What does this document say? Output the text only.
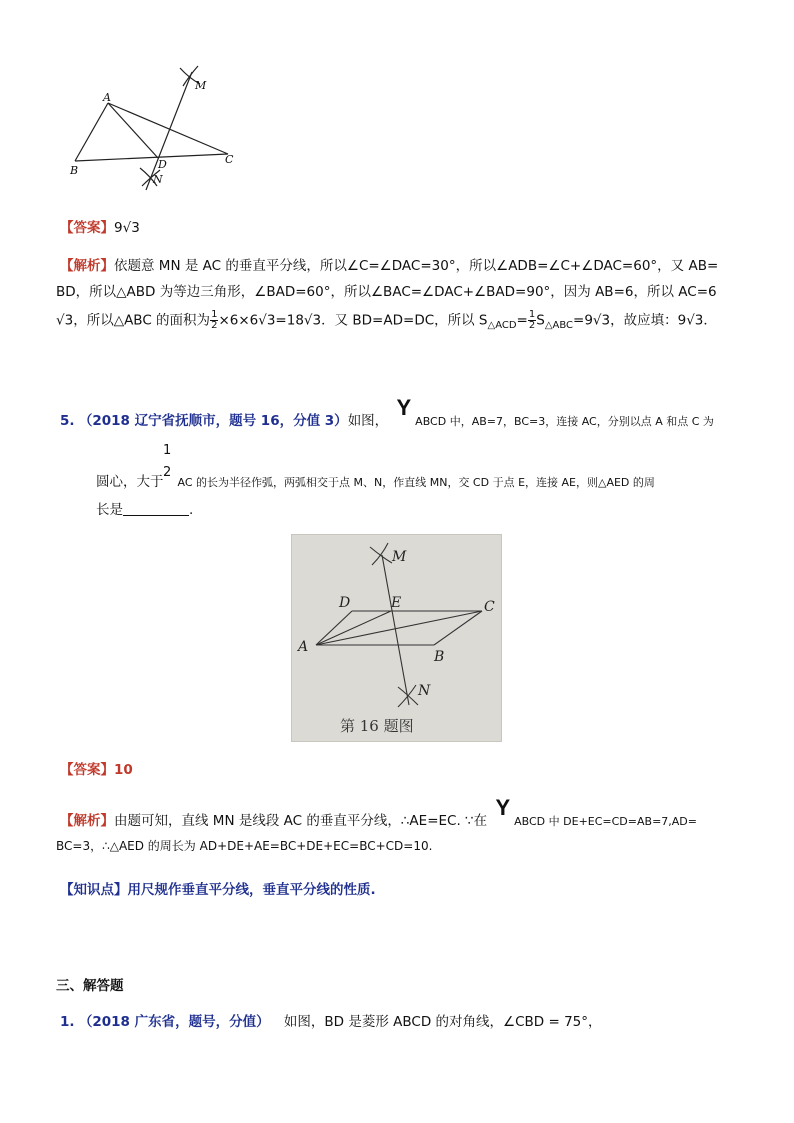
A
B
C
D
M
N
【答案】9√3
【解析】依题意 MN 是 AC 的垂直平分线，所以∠C=∠DAC=30°，所以∠ADB=∠C+∠DAC=60°，又 AB=
BD，所以△ABD 为等边三角形，∠BAD=60°，所以∠BAC=∠DAC+∠BAD=90°，因为 AB=6，所以 AC=6
√3，所以△ABC 的面积为 $\frac{1}{2} \times 6\times 6√3=18√3$．又 BD=AD=DC，所以 $S_{\triangle ACD}= \frac{1}{2} S_{\triangle ABC}=9√3$，故应填：9√3．
5. （2018 辽宁省抚顺市，题号 16，分值 3）如图， YABCD 中，AB=7，BC=3，连接 AC，分别以点 A 和点 C 为
1
2
圆心，大于 AC 的长为半径作弧，两弧相交于点 M、N，作直线 MN，交 CD 于点 E，连接 AE，则△AED 的周
长是	.
M
D	E	C
A
B
N
第 16 题图
【答案】10
【解析】由题可知，直线 MN 是线段 AC 的垂直平分线，∴AE=EC. ∵在 YABCD 中 DE+EC=CD=AB=7,AD=
BC=3，∴△AED 的周长为 AD+DE+AE=BC+DE+EC=BC+CD=10.
【知识点】用尺规作垂直平分线，垂直平分线的性质.
三、解答题
1. （2018 广东省，题号，分值） 如图，BD 是菱形 ABCD 的对角线，∠CBD = 75°，
